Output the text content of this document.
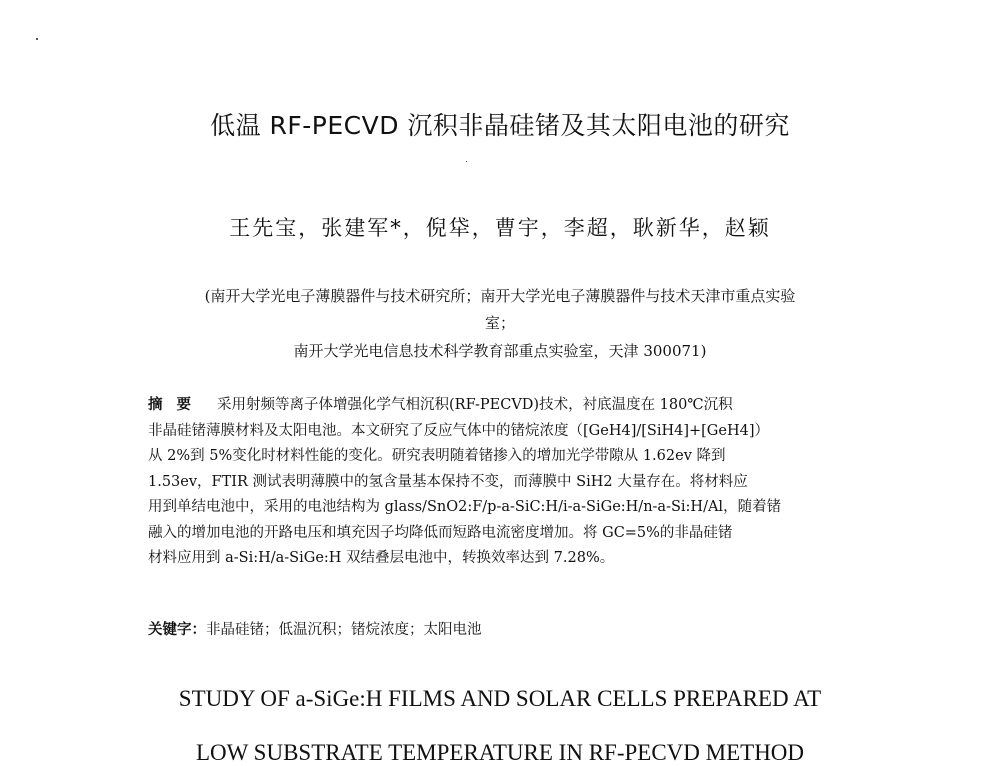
低温 RF-PECVD 沉积非晶硅锗及其太阳电池的研究
王先宝，张建军*，倪牮，曹宇，李超，耿新华，赵颖
(南开大学光电子薄膜器件与技术研究所；南开大学光电子薄膜器件与技术天津市重点实验
室；
南开大学光电信息技术科学教育部重点实验室，天津 300071)
摘要 采用射频等离子体增强化学气相沉积(RF-PECVD)技术，衬底温度在 180℃沉积
非晶硅锗薄膜材料及太阳电池。本文研究了反应气体中的锗烷浓度（[GeH4]/[SiH4]+[GeH4]）
从 2%到 5%变化时材料性能的变化。研究表明随着锗掺入的增加光学带隙从 1.62ev 降到
1.53ev，FTIR 测试表明薄膜中的氢含量基本保持不变，而薄膜中 SiH2 大量存在。将材料应
用到单结电池中，采用的电池结构为 glass/SnO2:F/p-a-SiC:H/i-a-SiGe:H/n-a-Si:H/Al，随着锗
融入的增加电池的开路电压和填充因子均降低而短路电流密度增加。将 GC=5%的非晶硅锗
材料应用到 a-Si:H/a-SiGe:H 双结叠层电池中，转换效率达到 7.28%。
关键字：非晶硅锗；低温沉积；锗烷浓度；太阳电池
STUDY OF a-SiGe:H FILMS AND SOLAR CELLS PREPARED AT
LOW SUBSTRATE TEMPERATURE IN RF-PECVD METHOD
